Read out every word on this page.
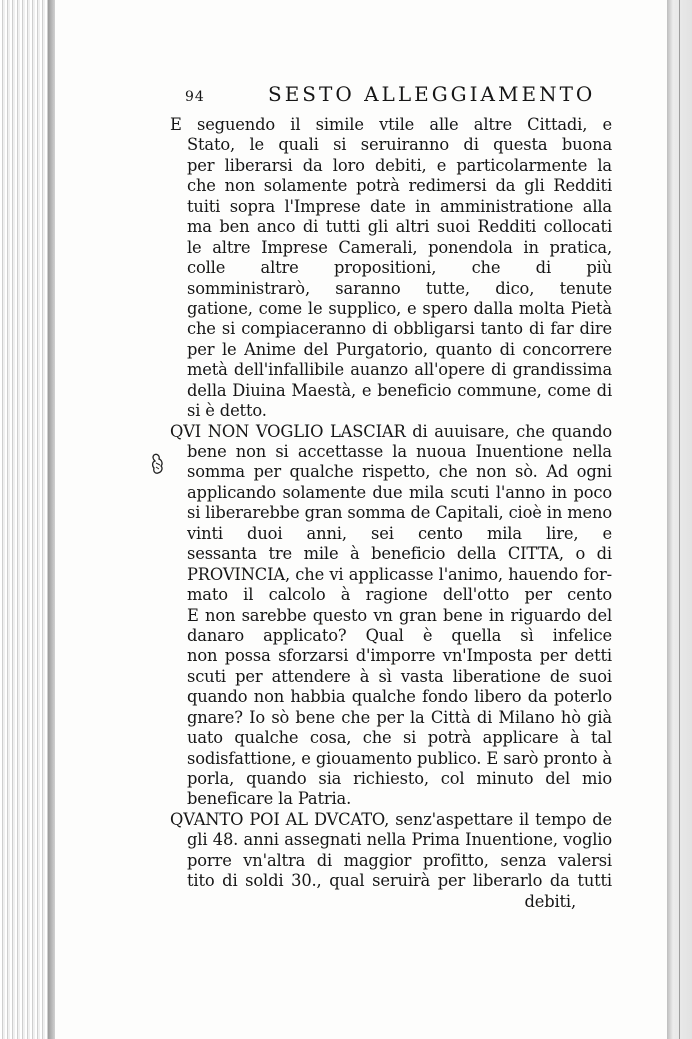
94	SESTO ALLEGGIAMENTO
E seguendo il simile vtile alle altre Cittadi, e
Stato, le quali si seruiranno di questa buona
per liberarsi da loro debiti, e particolarmente la
che non solamente potrà redimersi da gli Redditi
tuiti sopra l'Imprese date in amministratione alla
ma ben anco di tutti gli altri suoi Redditi collocati
le altre Imprese Camerali, ponendola in pratica,
colle altre propositioni, che di più
somministrarò, saranno tutte, dico, tenute
gatione, come le supplico, e spero dalla molta Pietà
che si compiaceranno di obbligarsi tanto di far dire
per le Anime del Purgatorio, quanto di concorrere
metà dell'infallibile auanzo all'opere di grandissima
della Diuina Maestà, e beneficio commune, come di
si è detto.
QVI NON VOGLIO LASCIAR di auuisare, che quando
bene non si accettasse la nuoua Inuentione nella
somma per qualche rispetto, che non sò. Ad ogni
applicando solamente due mila scuti l'anno in poco
si liberarebbe gran somma de Capitali, cioè in meno
vinti duoi anni, sei cento mila lire, e
sessanta tre mile à beneficio della CITTA, o di
PROVINCIA, che vi applicasse l'animo, hauendo for-
mato il calcolo à ragione dell'otto per cento
E non sarebbe questo vn gran bene in riguardo del
danaro applicato? Qual è quella sì infelice
non possa sforzarsi d'imporre vn'Imposta per detti
scuti per attendere à sì vasta liberatione de suoi
quando non habbia qualche fondo libero da poterlo
gnare? Io sò bene che per la Città di Milano hò già
uato qualche cosa, che si potrà applicare à tal
sodisfattione, e giouamento publico. E sarò pronto à
porla, quando sia richiesto, col minuto del mio
beneficare la Patria.
QVANTO POI AL DVCATO, senz'aspettare il tempo de
gli 48. anni assegnati nella Prima Inuentione, voglio
porre vn'altra di maggior profitto, senza valersi
tito di soldi 30., qual seruirà per liberarlo da tutti
debiti,
